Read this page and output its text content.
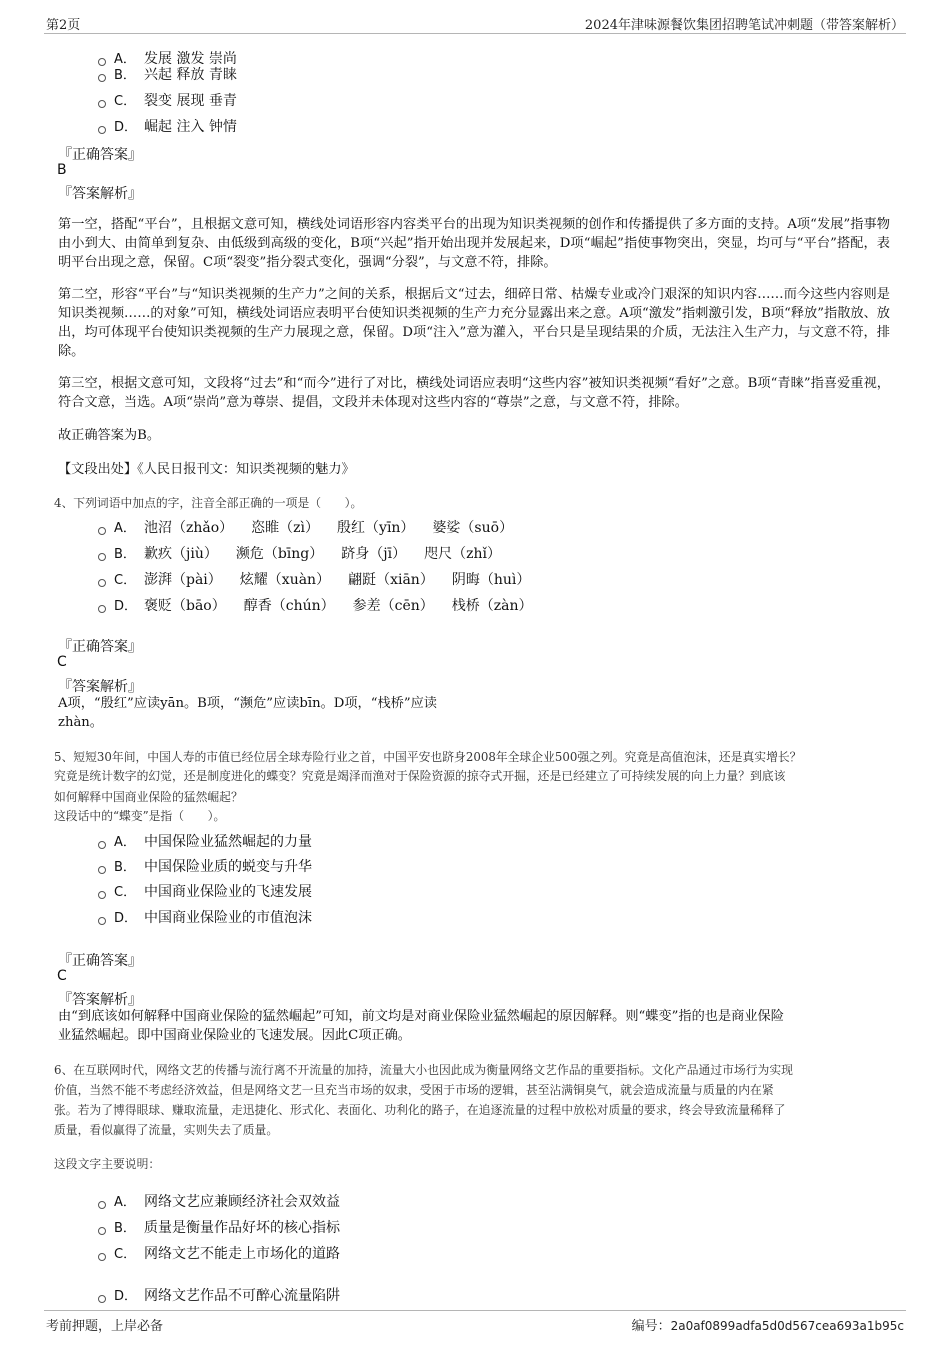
第2页	2024年津味源餐饮集团招聘笔试冲刺题（带答案解析）
A． 发展 激发 崇尚
B． 兴起 释放 青睐
C． 裂变 展现 垂青
D． 崛起 注入 钟情
『正确答案』
B
『答案解析』
第一空，搭配“平台”，且根据文意可知，横线处词语形容内容类平台的出现为知识类视频的创作和传播提供了多方面的支持。A项“发展”指事物由小到大、由简单到复杂、由低级到高级的变化，B项“兴起”指开始出现并发展起来，D项“崛起”指使事物突出，突显，均可与“平台”搭配，表明平台出现之意，保留。C项“裂变”指分裂式变化，强调“分裂”，与文意不符，排除。
第二空，形容“平台”与“知识类视频的生产力”之间的关系，根据后文“过去，细碎日常、枯燥专业或冷门艰深的知识内容……而今这些内容则是知识类视频……的对象”可知，横线处词语应表明平台使知识类视频的生产力充分显露出来之意。A项“激发”指刺激引发，B项“释放”指散放、放出，均可体现平台使知识类视频的生产力展现之意，保留。D项“注入”意为灌入，平台只是呈现结果的介质，无法注入生产力，与文意不符，排除。
第三空，根据文意可知，文段将“过去”和“而今”进行了对比，横线处词语应表明“这些内容”被知识类视频“看好”之意。B项“青睐”指喜爱重视，符合文意，当选。A项“崇尚”意为尊崇、提倡，文段并未体现对这些内容的“尊崇”之意，与文意不符，排除。
故正确答案为B。
【文段出处】《人民日报刊文：知识类视频的魅力》
4、下列词语中加点的字，注音全部正确的一项是（　　）。
A． 池沼（zhǎo） 恣睢（zì） 殷红（yīn） 婆娑（suō）
B． 歉疚（jiù） 濒危（bīng） 跻身（jī） 咫尺（zhǐ）
C． 澎湃（pài） 炫耀（xuàn） 翩跹（xiān） 阴晦（huì）
D． 褒贬（bāo） 醇香（chún） 参差（cēn） 栈桥（zàn）
『正确答案』
C
『答案解析』
A项，“殷红”应读yān。B项，“濒危”应读bīn。D项，“栈桥”应读
zhàn。
5、短短30年间，中国人寿的市值已经位居全球寿险行业之首，中国平安也跻身2008年全球企业500强之列。究竟是高值泡沫，还是真实增长？
究竟是统计数字的幻觉，还是制度进化的蝶变？究竟是竭泽而渔对于保险资源的掠夺式开掘，还是已经建立了可持续发展的向上力量？到底该
如何解释中国商业保险的猛然崛起？
这段话中的“蝶变”是指（　　）。
A． 中国保险业猛然崛起的力量
B． 中国保险业质的蜕变与升华
C． 中国商业保险业的飞速发展
D． 中国商业保险业的市值泡沫
『正确答案』
C
『答案解析』
由“到底该如何解释中国商业保险的猛然崛起”可知，前文均是对商业保险业猛然崛起的原因解释。则“蝶变”指的也是商业保险
业猛然崛起。即中国商业保险业的飞速发展。因此C项正确。
6、在互联网时代，网络文艺的传播与流行离不开流量的加持，流量大小也因此成为衡量网络文艺作品的重要指标。文化产品通过市场行为实现
价值，当然不能不考虑经济效益，但是网络文艺一旦充当市场的奴隶，受困于市场的逻辑，甚至沾满铜臭气，就会造成流量与质量的内在紧
张。若为了博得眼球、赚取流量，走迅捷化、形式化、表面化、功利化的路子，在追逐流量的过程中放松对质量的要求，终会导致流量稀释了
质量，看似赢得了流量，实则失去了质量。
这段文字主要说明：
A． 网络文艺应兼顾经济社会双效益
B． 质量是衡量作品好坏的核心指标
C． 网络文艺不能走上市场化的道路
D． 网络文艺作品不可醉心流量陷阱
考前押题，上岸必备	编号：2a0af0899adfa5d0d567cea693a1b95c
